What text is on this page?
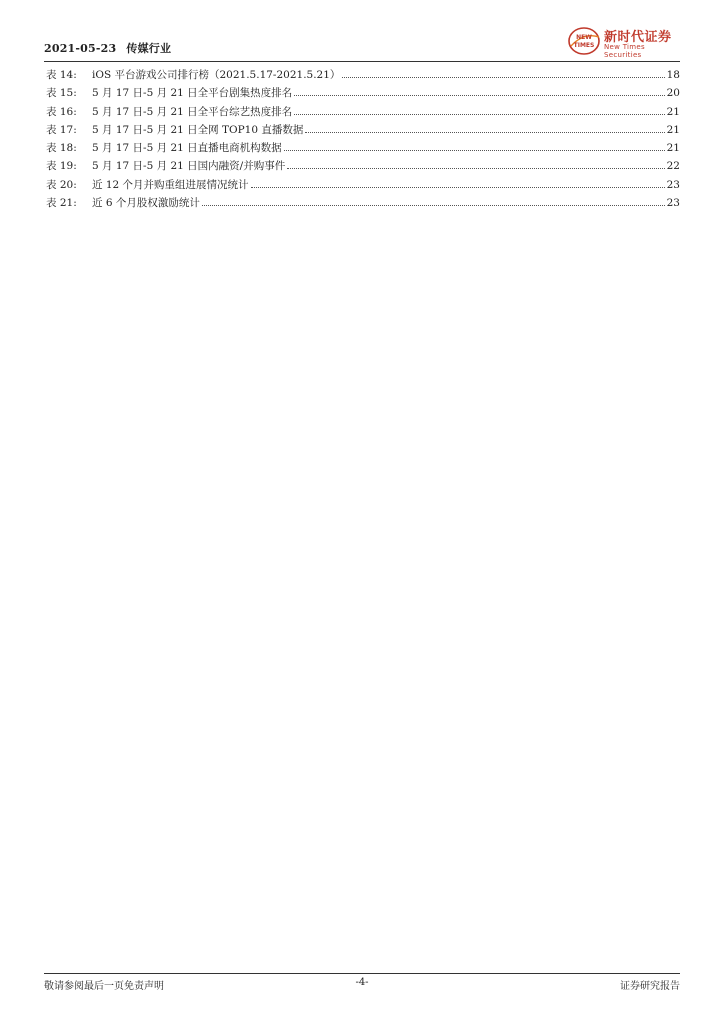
2021-05-23 传媒行业
NEW
TIMES
新时代证券
New Times Securities
表 14:	iOS 平台游戏公司排行榜（2021.5.17-2021.5.21）	18
表 15:	5 月 17 日-5 月 21 日全平台剧集热度排名	20
表 16:	5 月 17 日-5 月 21 日全平台综艺热度排名	21
表 17:	5 月 17 日-5 月 21 日全网 TOP10 直播数据	21
表 18:	5 月 17 日-5 月 21 日直播电商机构数据	21
表 19:	5 月 17 日-5 月 21 日国内融资/并购事件	22
表 20:	近 12 个月并购重组进展情况统计	23
表 21:	近 6 个月股权激励统计	23
敬请参阅最后一页免责声明	-4-	证券研究报告
